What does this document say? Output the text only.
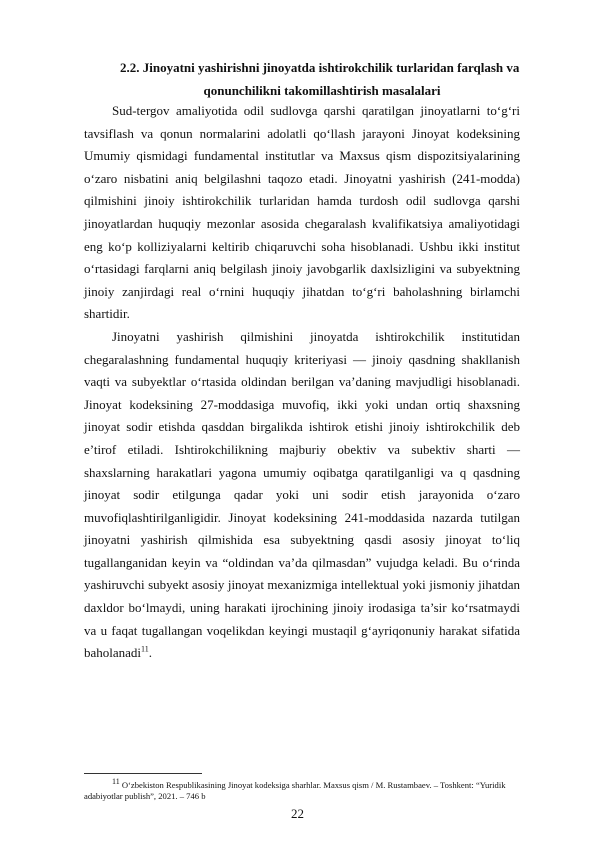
2.2. Jinoyatni yashirishni jinoyatda ishtirokchilik turlaridan farqlash va
qonunchilikni takomillashtirish masalalari

Sud-tergov amaliyotida odil sudlovga qarshi qaratilgan jinoyatlarni to‘g‘ri tavsiflash va qonun normalarini adolatli qo‘llash jarayoni Jinoyat kodeksining Umumiy qismidagi fundamental institutlar va Maxsus qism dispozitsiyalarining o‘zaro nisbatini aniq belgilashni taqozo etadi. Jinoyatni yashirish (241-modda) qilmishini jinoiy ishtirokchilik turlaridan hamda turdosh odil sudlovga qarshi jinoyatlardan huquqiy mezonlar asosida chegaralash kvalifikatsiya amaliyotidagi eng ko‘p kolliziyalarni keltirib chiqaruvchi soha hisoblanadi. Ushbu ikki institut o‘rtasidagi farqlarni aniq belgilash jinoiy javobgarlik daxlsizligini va subyektning jinoiy zanjirdagi real o‘rnini huquqiy jihatdan to‘g‘ri baholashning birlamchi shartidir.

Jinoyatni yashirish qilmishini jinoyatda ishtirokchilik institutidan chegaralashning fundamental huquqiy kriteriyasi — jinoiy qasdning shakllanish vaqti va subyektlar o‘rtasida oldindan berilgan va’daning mavjudligi hisoblanadi. Jinoyat kodeksining 27-moddasiga muvofiq, ikki yoki undan ortiq shaxsning jinoyat sodir etishda qasddan birgalikda ishtirok etishi jinoiy ishtirokchilik deb e’tirof etiladi. Ishtirokchilikning majburiy obektiv va subektiv sharti — shaxslarning harakatlari yagona umumiy oqibatga qaratilganligi va q qasdning jinoyat sodir etilgunga qadar yoki uni sodir etish jarayonida o‘zaro muvofiqlashtirilganligidir. Jinoyat kodeksining 241-moddasida nazarda tutilgan jinoyatni yashirish qilmishida esa subyektning qasdi asosiy jinoyat to‘liq tugallanganidan keyin va “oldindan va’da qilmasdan” vujudga keladi. Bu o‘rinda yashiruvchi subyekt asosiy jinoyat mexanizmiga intellektual yoki jismoniy jihatdan daxldor bo‘lmaydi, uning harakati ijrochining jinoiy irodasiga ta’sir ko‘rsatmaydi va u faqat tugallangan voqelikdan keyingi mustaqil g‘ayriqonuniy harakat sifatida baholanadi$^{11}$.

$^{11}$ O‘zbekiston Respublikasining Jinoyat kodeksiga sharhlar. Maxsus qism / M. Rustambaev. – Toshkent: “Yuridik adabiyotlar publish”, 2021. – 746 b
22
